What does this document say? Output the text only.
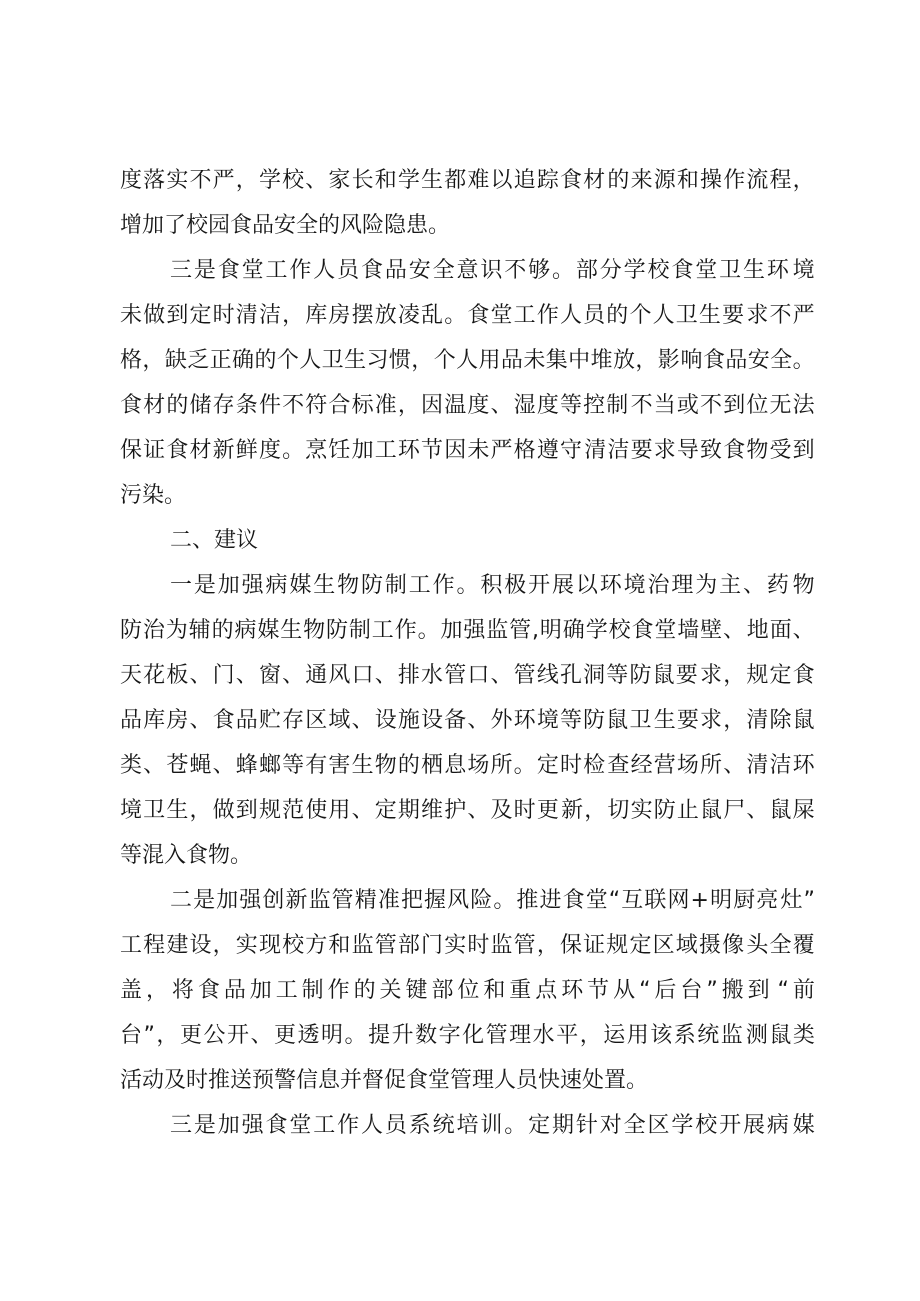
度 落 实 不 严 ， 学 校 、 家 长 和 学 生 都 难 以 追 踪 食 材 的 来 源 和 操 作 流 程 ，
增加了校园食品安全的风险隐患。
三 是 食 堂 工 作 人 员 食 品 安 全 意 识 不 够 。 部 分 学 校 食 堂 卫 生 环 境
未 做 到 定 时 清 洁 ， 库 房 摆 放 凌 乱 。 食 堂 工 作 人 员 的 个 人 卫 生 要 求 不 严
格 ， 缺 乏 正 确 的 个 人 卫 生 习 惯 ， 个 人 用 品 未 集 中 堆 放 ， 影 响 食 品 安 全 。
食 材 的 储 存 条 件 不 符 合 标 准 ， 因 温 度 、 湿 度 等 控 制 不 当 或 不 到 位 无 法
保 证 食 材 新 鲜 度 。 烹 饪 加 工 环 节 因 未 严 格 遵 守 清 洁 要 求 导 致 食 物 受 到
污染。
二、建议
一 是 加 强 病 媒 生 物 防 制 工 作 。 积 极 开 展 以 环 境 治 理 为 主 、 药 物
防 治 为 辅 的 病 媒 生 物 防 制 工 作 。 加 强 监 管 , 明 确 学 校 食 堂 墙 壁 、 地 面 、
天 花 板 、 门 、 窗 、 通 风 口 、 排 水 管 口 、 管 线 孔 洞 等 防 鼠 要 求 ， 规 定 食
品 库 房 、 食 品 贮 存 区 域 、 设 施 设 备 、 外 环 境 等 防 鼠 卫 生 要 求 ， 清 除 鼠
类 、 苍 蝇 、 蜂 螂 等 有 害 生 物 的 栖 息 场 所 。 定 时 检 查 经 营 场 所 、 清 洁 环
境 卫 生 ， 做 到 规 范 使 用 、 定 期 维 护 、 及 时 更 新 ， 切 实 防 止 鼠 尸 、 鼠 屎
等混入食物。
二 是 加 强 创 新 监 管 精 准 把 握 风 险 。 推 进 食 堂 “ 互 联 网 + 明 厨 亮 灶 ”
工 程 建 设 ， 实 现 校 方 和 监 管 部 门 实 时 监 管 ， 保 证 规 定 区 域 摄 像 头 全 覆
盖 ， 将 食 品 加 工 制 作 的 关 键 部 位 和 重 点 环 节 从 “ 后 台 ” 搬 到 “ 前
台 ” ， 更 公 开 、 更 透 明 。 提 升 数 字 化 管 理 水 平 ， 运 用 该 系 统 监 测 鼠 类
活动及时推送预警信息并督促食堂管理人员快速处置。
三 是 加 强 食 堂 工 作 人 员 系 统 培 训 。 定 期 针 对 全 区 学 校 开 展 病 媒
